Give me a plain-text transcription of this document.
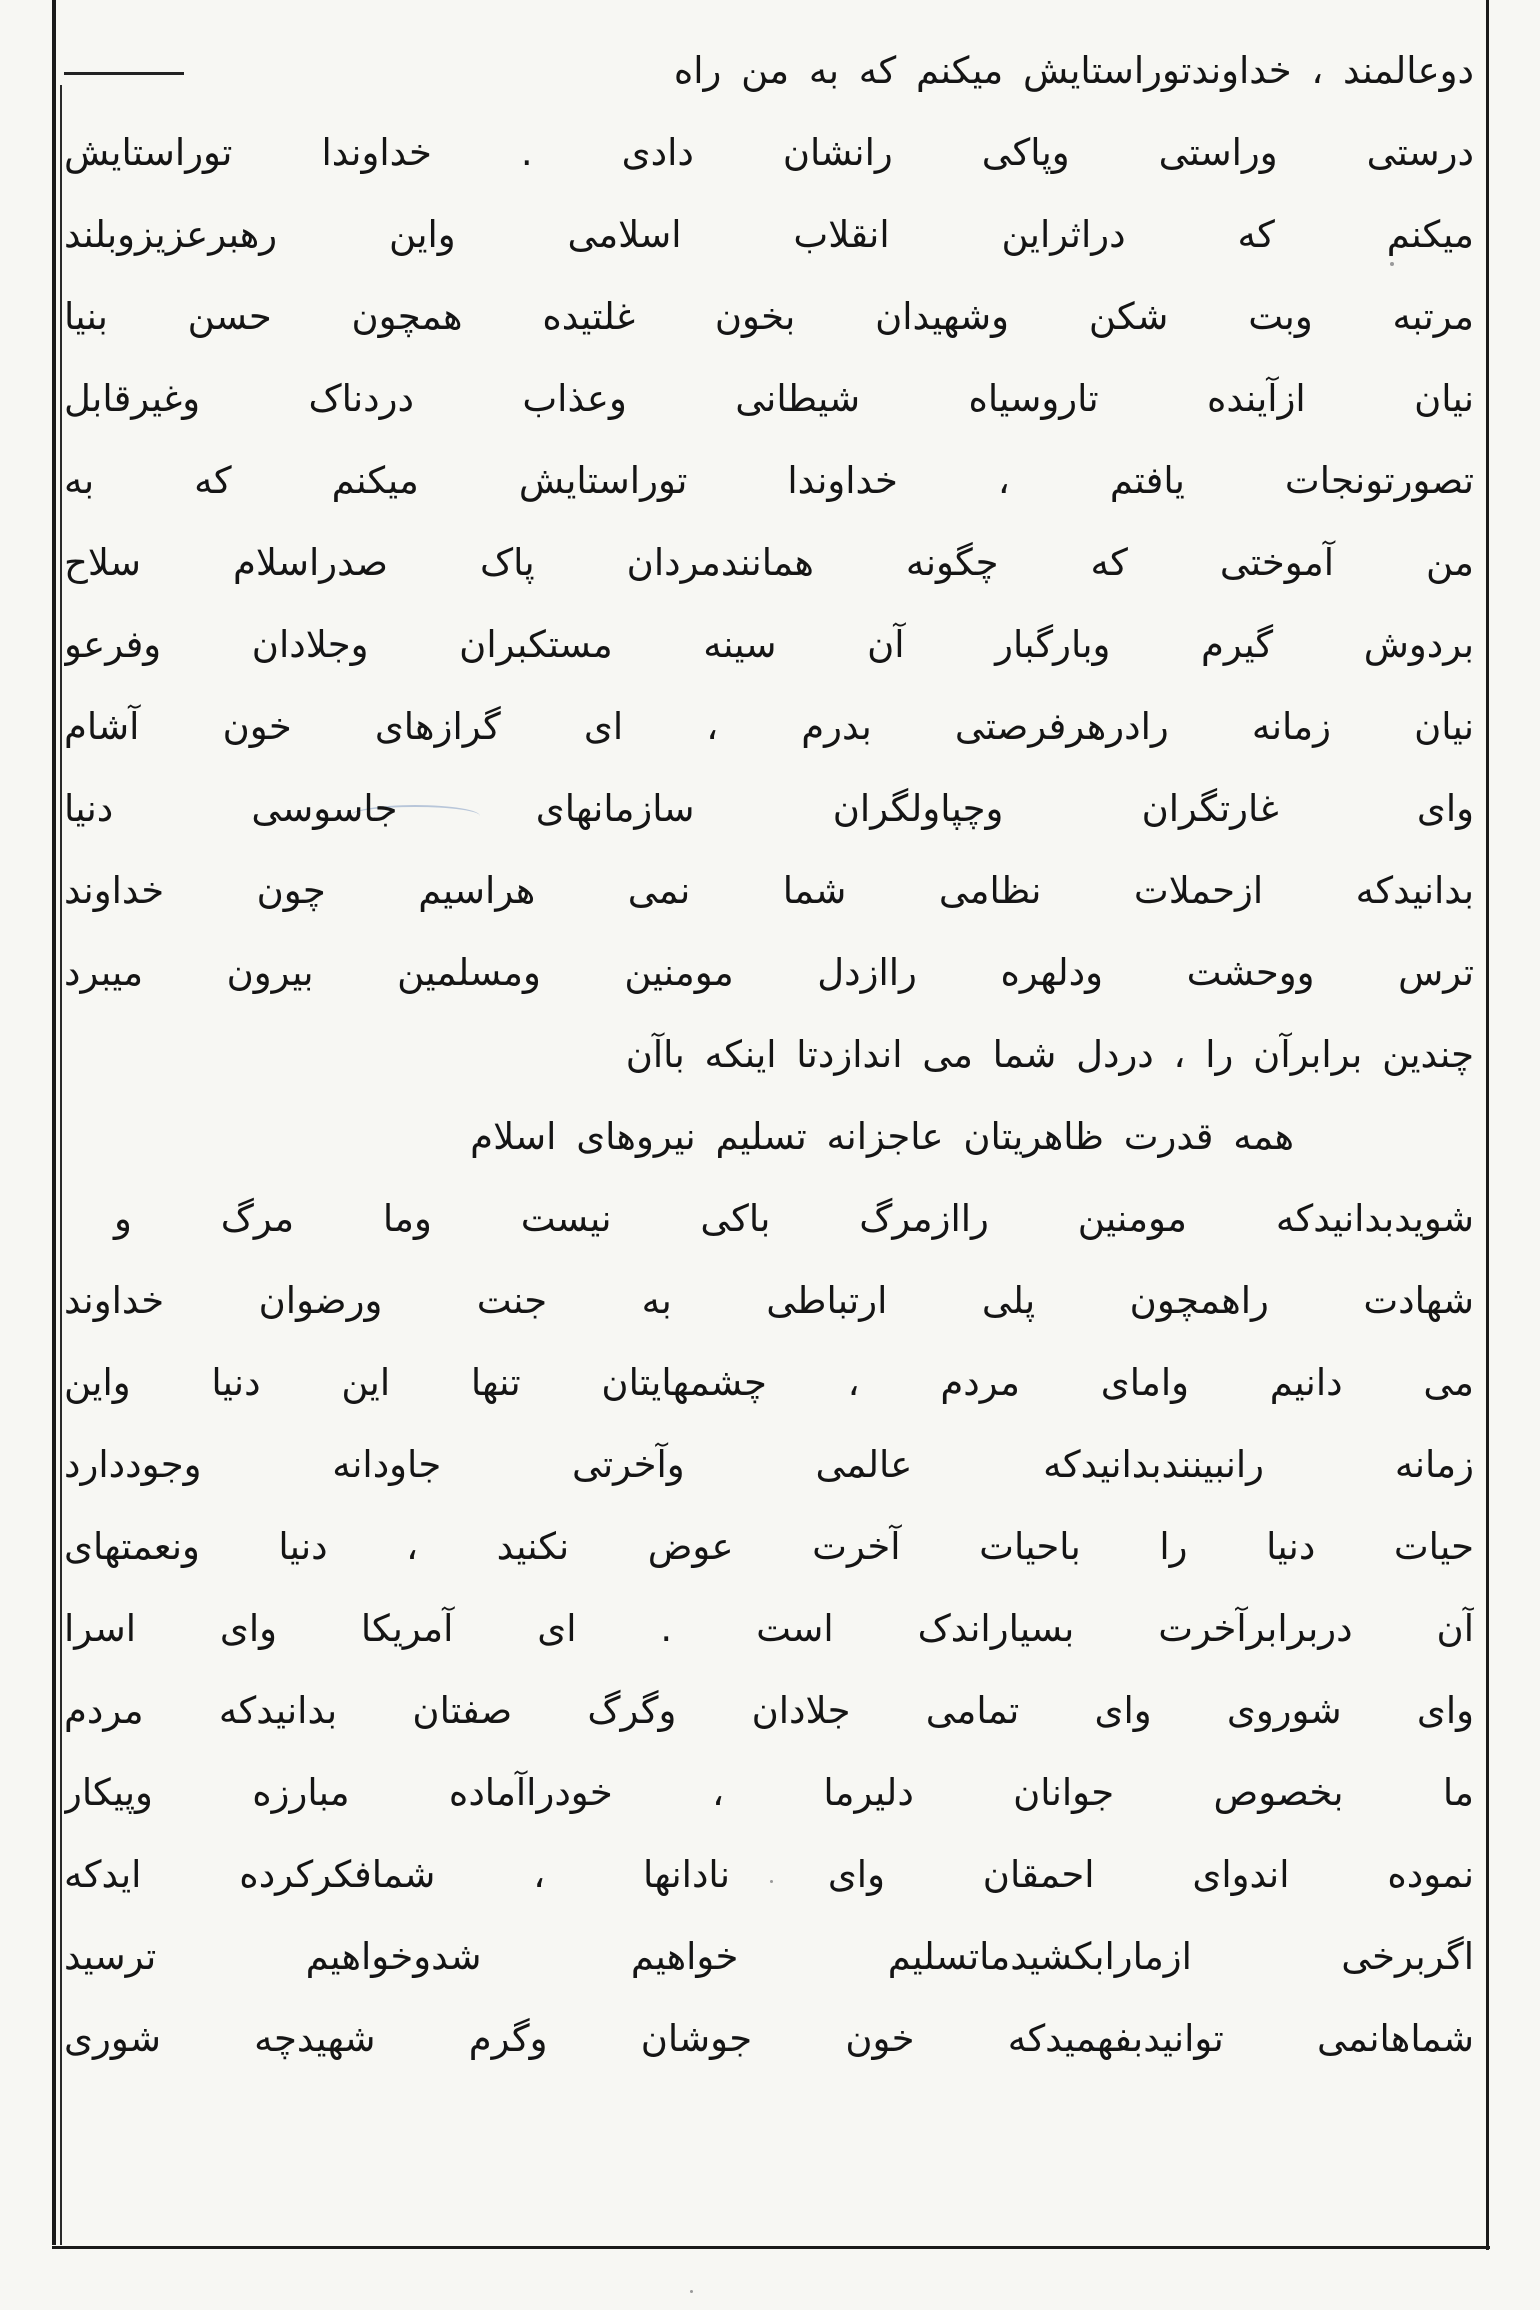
دوعالمند ، خداوندتوراستایش میکنم که به من راه
درستی وراستی وپاکی رانشان دادی . خداوندا توراستایش
میکنم که دراثراین انقلاب اسلامی واین رهبرعزیزوبلند
مرتبه وبت شکن وشهیدان بخون غلتیده همچون حسن بنیا
نیان ازآینده تاروسیاه شیطانی وعذاب دردناک وغیرقابل
تصورتونجات یافتم ، خداوندا توراستایش میکنم که به
من آموختی که چگونه همانندمردان پاک صدراسلام سلاح
بردوش گیرم وبارگبار آن سینه مستکبران وجلادان وفرعو
نیان زمانه رادرهرفرصتی بدرم ، ای گرازهای خون آشام
وای غارتگران وچپاولگران سازمانهای جاسوسی دنیا
بدانیدکه ازحملات نظامی شما نمی هراسیم چون خداوند
ترس ووحشت ودلهره راازدل مومنین ومسلمین بیرون میبرد
چندین برابرآن را ، دردل شما می اندازدتا اینکه باآن
همه قدرت ظاهریتان عاجزانه تسلیم نیروهای اسلام
شویدبدانیدکه مومنین راازمرگ باکی نیست وما مرگ و
شهادت راهمچون پلی ارتباطی به جنت ورضوان خداوند
می دانیم وامای مردم ، چشمهایتان تنها این دنیا واین
زمانه رانبینندبدانیدکه عالمی وآخرتی جاودانه وجوددارد
حیات دنیا را باحیات آخرت عوض نکنید ، دنیا ونعمتهای
آن دربرابرآخرت بسیاراندک است . ای آمریکا وای اسرا
وای شوروی وای تمامی جلادان وگرگ صفتان بدانیدکه مردم
ما بخصوص جوانان دلیرما ، خودراآماده مبارزه وپیکار
نموده اندوای احمقان وای نادانها ، شمافکرکرده ایدکه
اگربرخی ازمارابکشیدماتسلیم خواهیم شدوخواهیم ترسید
شماهانمی توانیدبفهمیدکه خون جوشان وگرم شهیدچه شوری
